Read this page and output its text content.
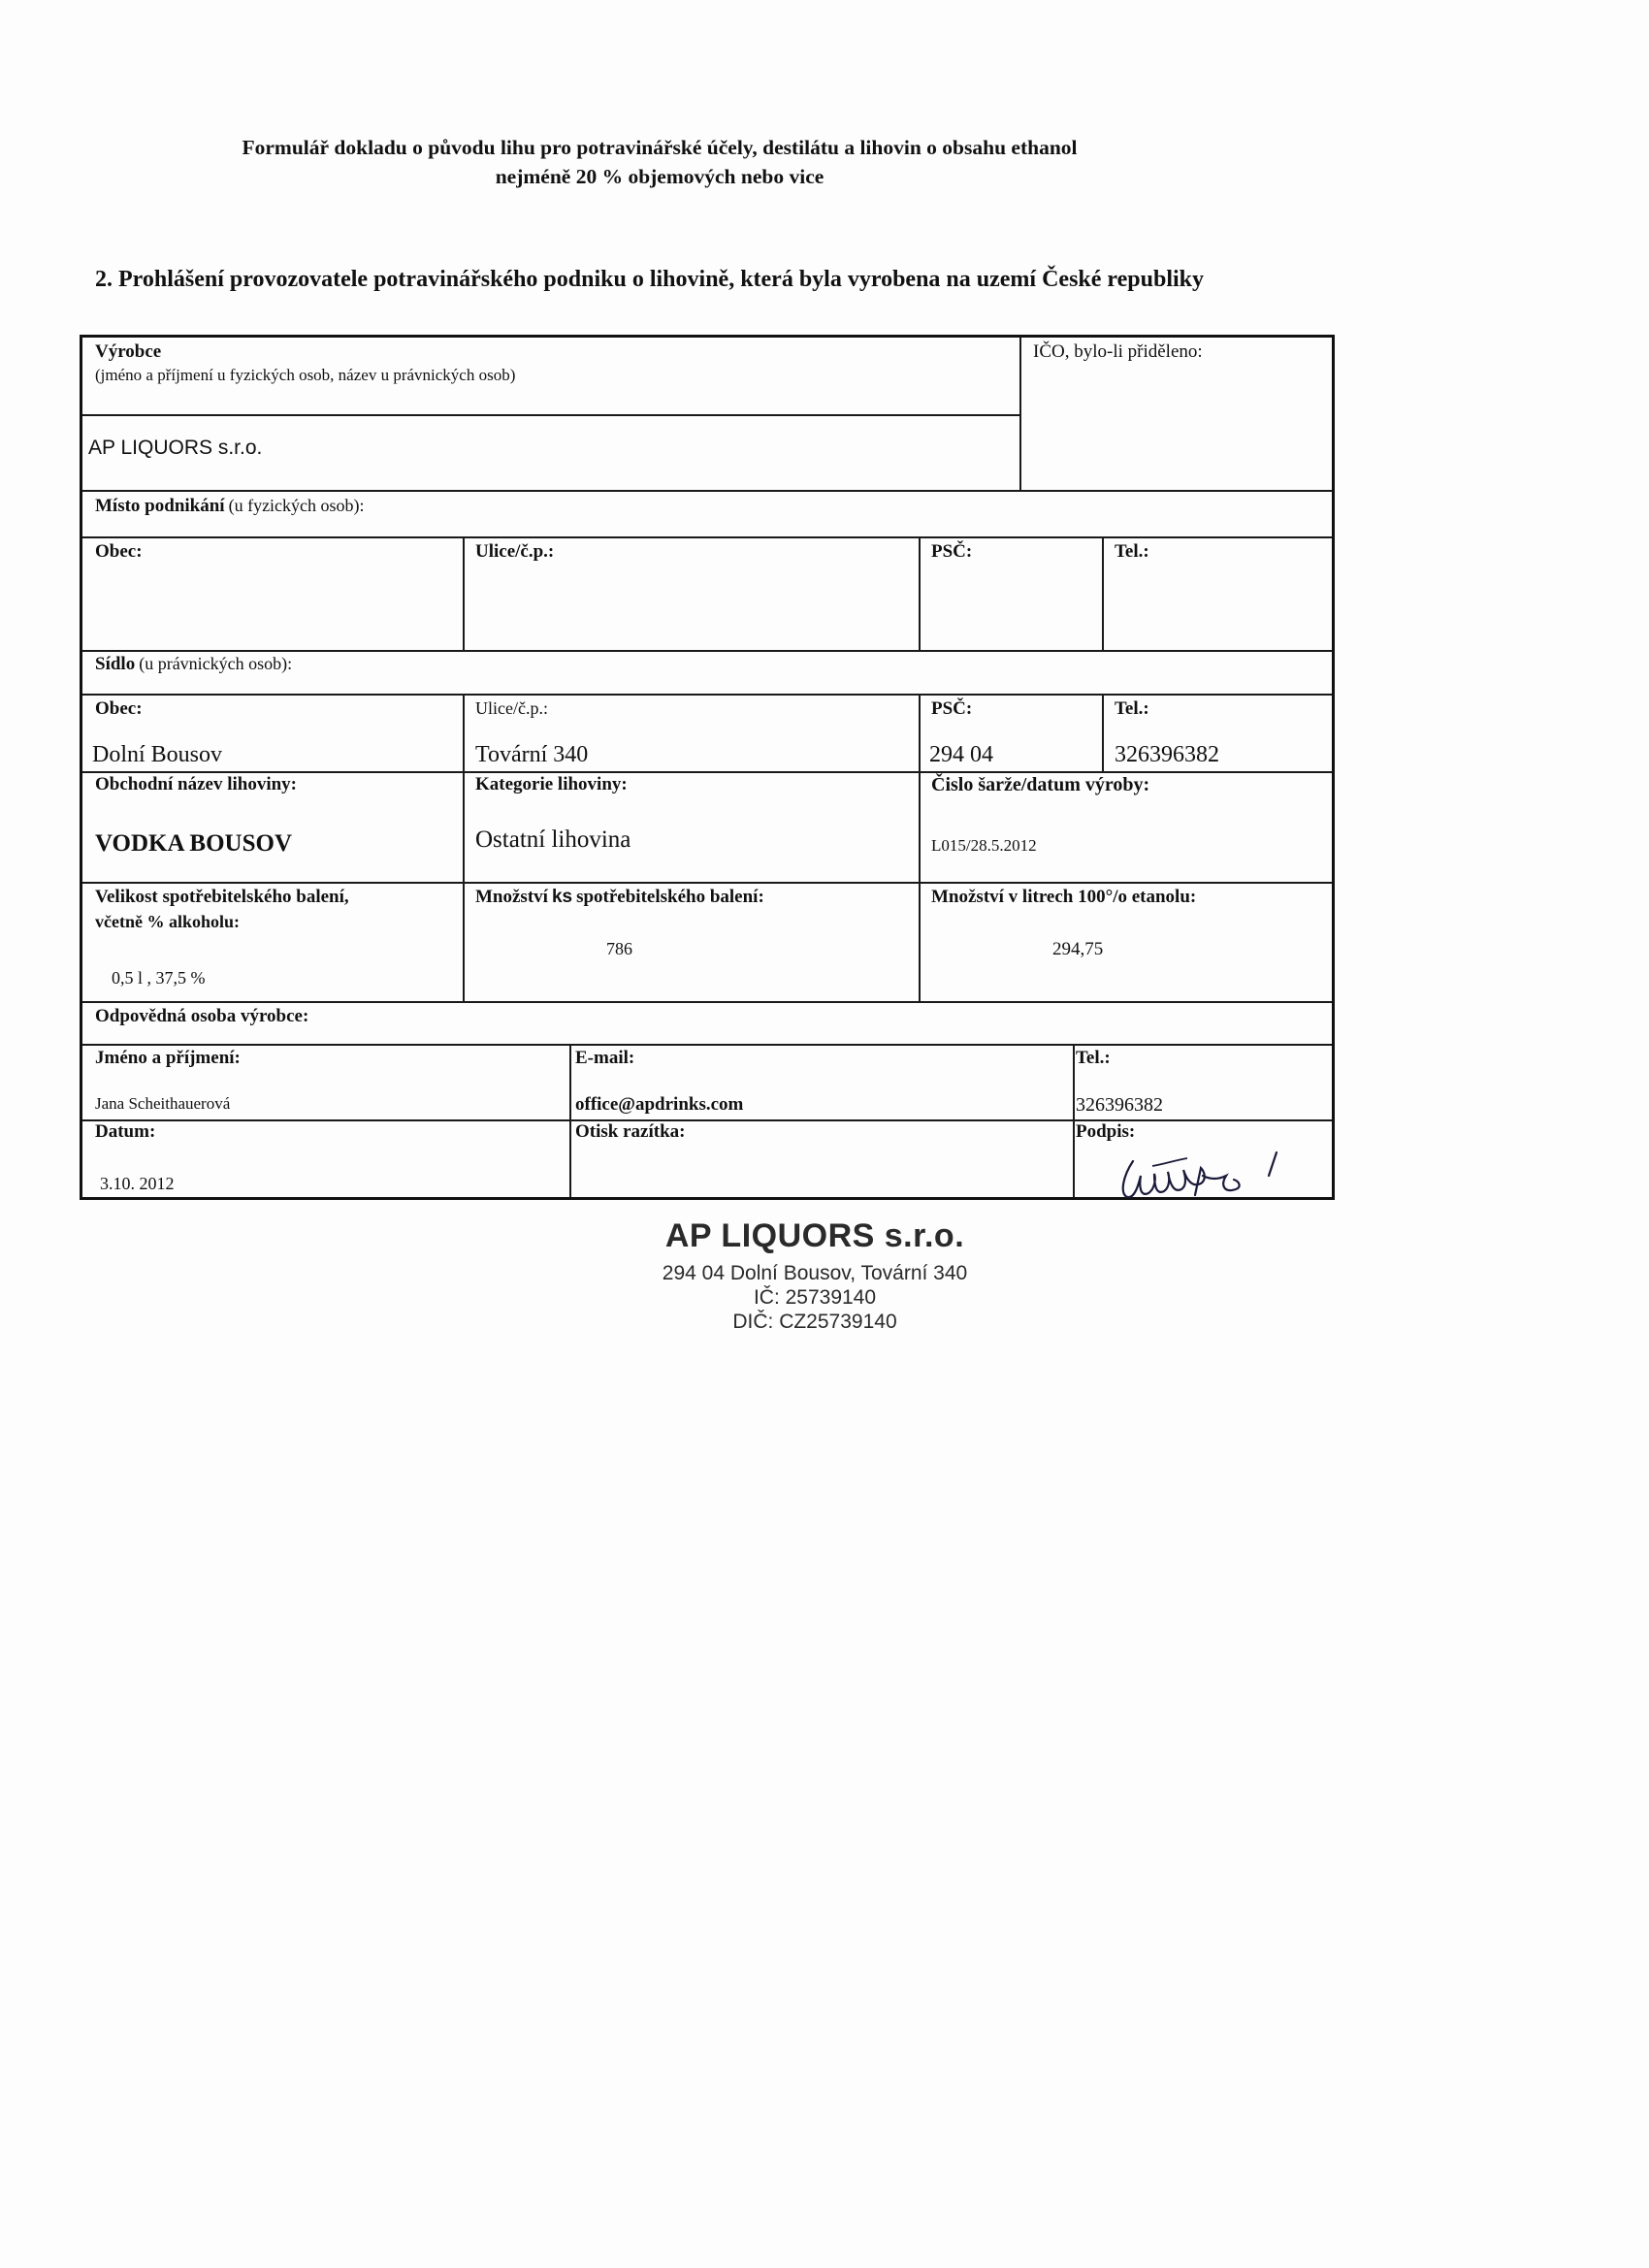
Formulář dokladu o původu lihu pro potravinářské účely, destilátu a lihovin o obsahu ethanol
nejméně 20 % objemových nebo vice
2. Prohlášení provozovatele potravinářského podniku o lihovině, která byla vyrobena na uzemí České republiky
Výrobce
(jméno a příjmení u fyzických osob, název u právnických osob)
AP LIQUORS s.r.o.
IČO, bylo-li přiděleno:
Místo podnikání (u fyzických osob):
Obec:	Ulice/č.p.:	PSČ:	Tel.:
Sídlo (u právnických osob):
Obec:
Dolní Bousov
Ulice/č.p.:
Tovární 340
PSČ:
294 04
Tel.:
326396382
Obchodní název lihoviny:
VODKA BOUSOV
Kategorie lihoviny:
Ostatní lihovina
Čislo šarže/datum výroby:
L015/28.5.2012
Velikost spotřebitelského balení,
včetně % alkoholu:
0,5 l , 37,5 %
Množství ks spotřebitelského balení:
786
Množství v litrech 100°/o etanolu:
294,75
Odpovědná osoba výrobce:
Jméno a příjmení:
Jana Scheithauerová
E-mail:
office@apdrinks.com
Tel.:
326396382
Datum:
3.10. 2012
Otisk razítka:	Podpis:
AP LIQUORS s.r.o.
294 04 Dolní Bousov, Tovární 340
IČ: 25739140
DIČ: CZ25739140
